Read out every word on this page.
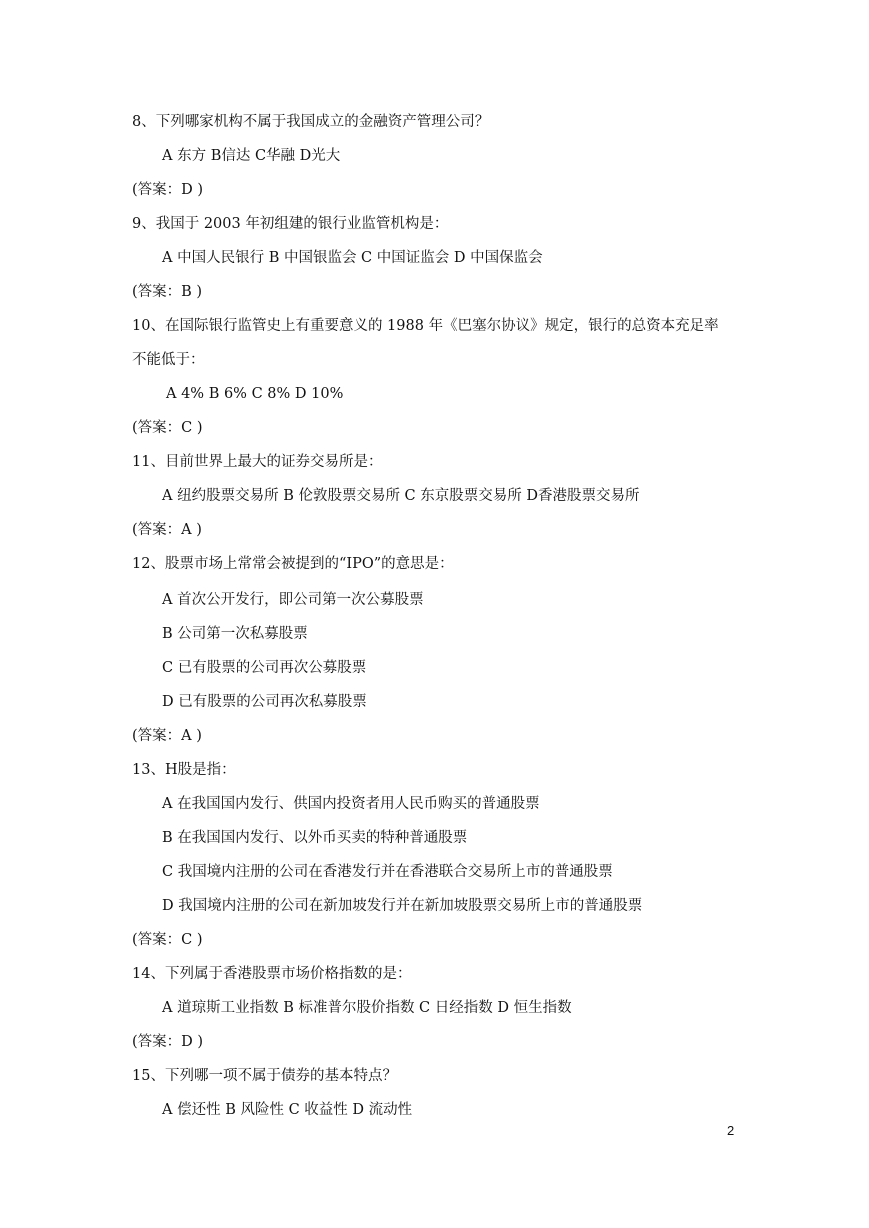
8、下列哪家机构不属于我国成立的金融资产管理公司？
A 东方 B信达 C华融 D光大
(答案：D )
9、我国于 2003 年初组建的银行业监管机构是：
A 中国人民银行 B 中国银监会 C 中国证监会 D 中国保监会
(答案：B )
10、在国际银行监管史上有重要意义的 1988 年《巴塞尔协议》规定，银行的总资本充足率
不能低于：
A 4% B 6% C 8% D 10%
(答案：C )
11、目前世界上最大的证券交易所是：
A 纽约股票交易所 B 伦敦股票交易所 C 东京股票交易所 D香港股票交易所
(答案：A )
12、股票市场上常常会被提到的“IPO”的意思是：
A 首次公开发行，即公司第一次公募股票
B 公司第一次私募股票
C 已有股票的公司再次公募股票
D 已有股票的公司再次私募股票
(答案：A )
13、H股是指：
A 在我国国内发行、供国内投资者用人民币购买的普通股票
B 在我国国内发行、以外币买卖的特种普通股票
C 我国境内注册的公司在香港发行并在香港联合交易所上市的普通股票
D 我国境内注册的公司在新加坡发行并在新加坡股票交易所上市的普通股票
(答案：C )
14、下列属于香港股票市场价格指数的是：
A 道琼斯工业指数 B 标准普尔股价指数 C 日经指数 D 恒生指数
(答案：D )
15、下列哪一项不属于债券的基本特点？
A 偿还性 B 风险性 C 收益性 D 流动性
2
